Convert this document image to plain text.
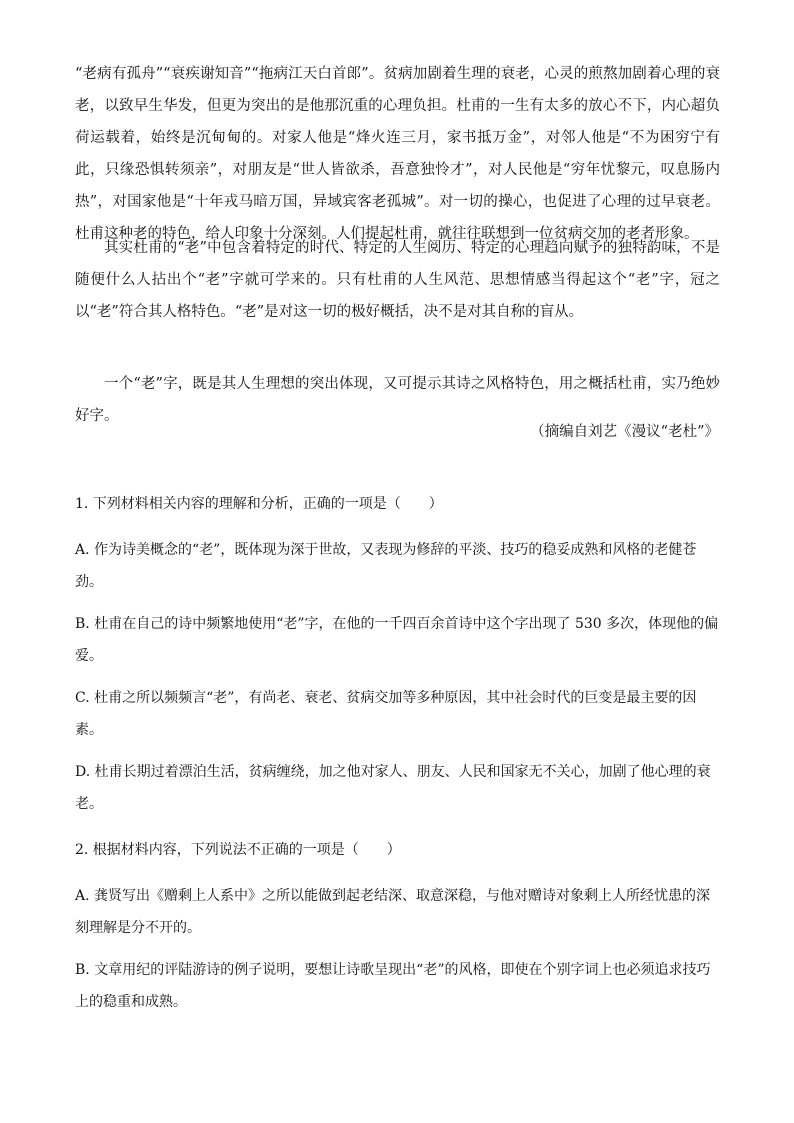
“老病有孤舟”“衰疾谢知音”“拖病江天白首郎”。贫病加剧着生理的衰老，心灵的煎熬加剧着心理的衰老，以致早生华发，但更为突出的是他那沉重的心理负担。杜甫的一生有太多的放心不下，内心超负荷运载着，始终是沉甸甸的。对家人他是“烽火连三月，家书抵万金”，对邻人他是“不为困穷宁有此，只缘恐惧转须亲”，对朋友是“世人皆欲杀，吾意独怜才”，对人民他是“穷年忧黎元，叹息肠内热”，对国家他是“十年戎马暗万国，异域宾客老孤城”。对一切的操心，也促进了心理的过早衰老。杜甫这种老的特色，给人印象十分深刻。人们提起杜甫，就往往联想到一位贫病交加的老者形象。

其实杜甫的“老”中包含着特定的时代、特定的人生阅历、特定的心理趋向赋予的独特韵味，不是随便什么人拈出个“老”字就可学来的。只有杜甫的人生风范、思想情感当得起这个“老”字，冠之以“老”符合其人格特色。“老”是对这一切的极好概括，决不是对其自称的盲从。

一个“老”字，既是其人生理想的突出体现，又可提示其诗之风格特色，用之概括杜甫，实乃绝妙好字。

（摘编自刘艺《漫议“老杜”》

1. 下列材料相关内容的理解和分析，正确的一项是（　　）

A. 作为诗美概念的“老”，既体现为深于世故，又表现为修辞的平淡、技巧的稳妥成熟和风格的老健苍劲。

B. 杜甫在自己的诗中频繁地使用“老”字，在他的一千四百余首诗中这个字出现了 530 多次，体现他的偏爱。

C. 杜甫之所以频频言“老”，有尚老、衰老、贫病交加等多种原因，其中社会时代的巨变是最主要的因素。

D. 杜甫长期过着漂泊生活，贫病缠绕，加之他对家人、朋友、人民和国家无不关心，加剧了他心理的衰老。

2. 根据材料内容，下列说法不正确的一项是（　　）

A. 龚贤写出《赠剩上人系中》之所以能做到起老结深、取意深稳，与他对赠诗对象剩上人所经忧患的深刻理解是分不开的。

B. 文章用纪的评陆游诗的例子说明，要想让诗歌呈现出“老”的风格，即使在个别字词上也必须追求技巧上的稳重和成熟。
